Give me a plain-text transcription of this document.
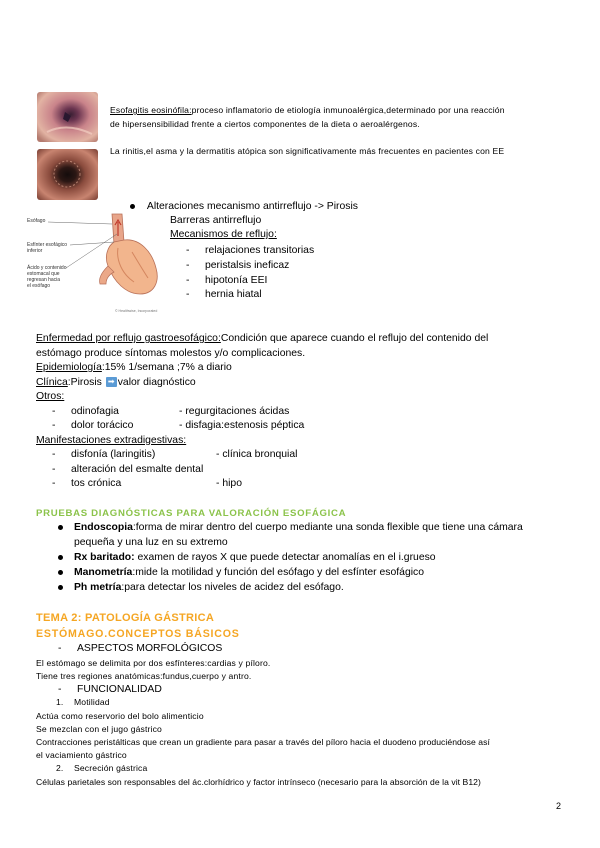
Esofagitis eosinófila:proceso inflamatorio de etiología inmunoalérgica,determinado por una reacción
de hipersensibilidad frente a ciertos componentes de la dieta o aeroalérgenos.
La rinitis,el asma y la dermatitis atópica son significativamente más frecuentes en pacientes con EE
Alteraciones mecanismo antirreflujo -> Pirosis
Barreras antirreflujo
Mecanismos de reflujo:
- relajaciones transitorias
- peristalsis ineficaz
- hipotonía EEI
- hernia hiatal
Esófago
Esfínter esofágico
inferior
Ácido y contenido
estomacal que
regresan hacia
el esófago
© Healthwise, Incorporated
Enfermedad por reflujo gastroesofágico:Condición que aparece cuando el reflujo del contenido del
estómago produce síntomas molestos y/o complicaciones.
Epidemiología:15% 1/semana ;7% a diario
Clínica:Pirosis ➡ valor diagnóstico
Otros:
- odinofagia	- regurgitaciones ácidas
- dolor torácico	- disfagia:estenosis péptica
Manifestaciones extradigestivas:
- disfonía (laringitis)	- clínica bronquial
- alteración del esmalte dental
- tos crónica	- hipo
PRUEBAS DIAGNÓSTICAS PARA VALORACIÓN ESOFÁGICA
Endoscopia:forma de mirar dentro del cuerpo mediante una sonda flexible que tiene una cámara
pequeña y una luz en su extremo
Rx baritado: examen de rayos X que puede detectar anomalías en el i.grueso
Manometría:mide la motilidad y función del esófago y del esfínter esofágico
Ph metría:para detectar los niveles de acidez del esófago.
TEMA 2: PATOLOGÍA GÁSTRICA
ESTÓMAGO.CONCEPTOS BÁSICOS
- ASPECTOS MORFOLÓGICOS
El estómago se delimita por dos esfínteres:cardias y píloro.
Tiene tres regiones anatómicas:fundus,cuerpo y antro.
- FUNCIONALIDAD
1. Motilidad
Actúa como reservorio del bolo alimenticio
Se mezclan con el jugo gástrico
Contracciones peristálticas que crean un gradiente para pasar a través del píloro hacia el duodeno produciéndose así
el vaciamiento gástrico
2. Secreción gástrica
Células parietales son responsables del ác.clorhídrico y factor intrínseco (necesario para la absorción de la vit B12)
2
